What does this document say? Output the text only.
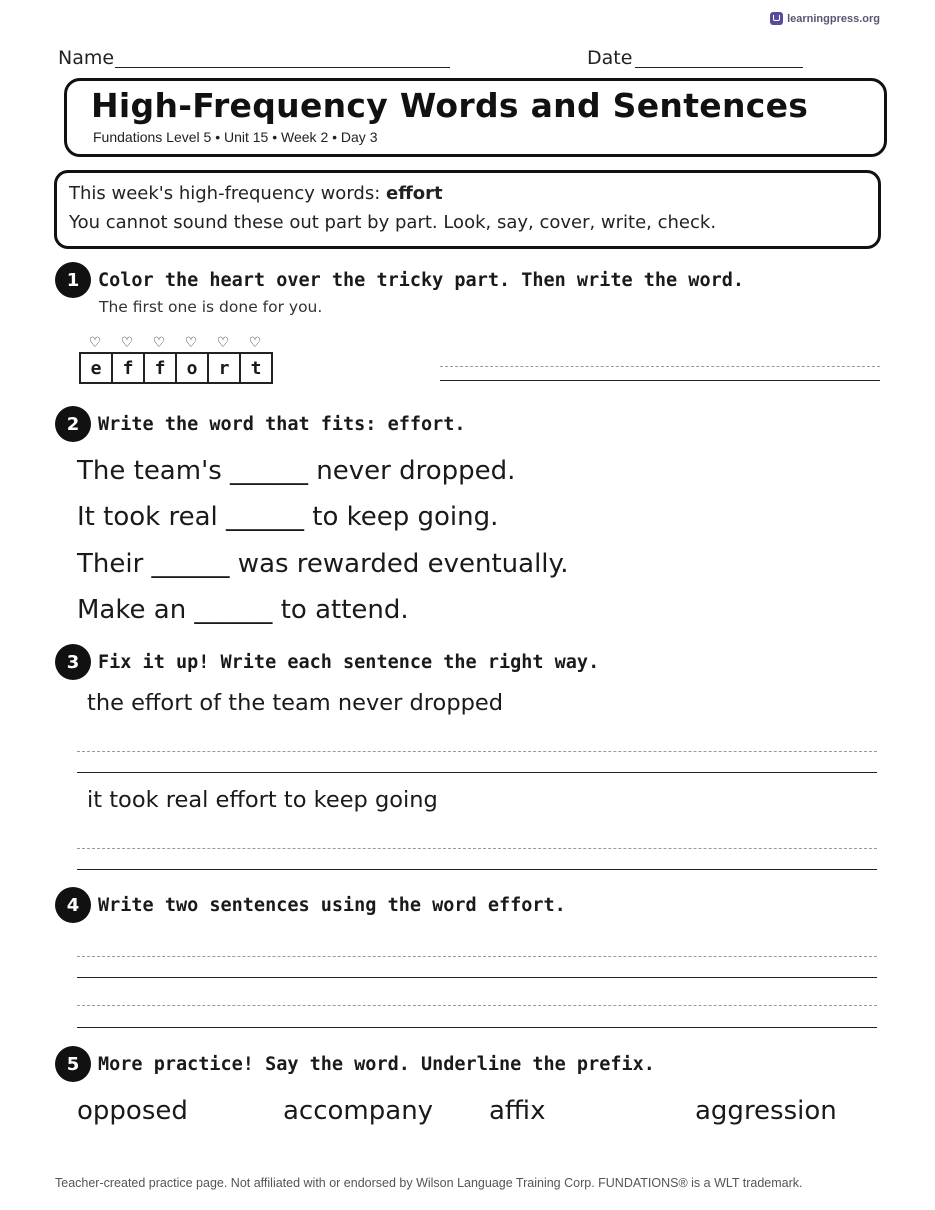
learningpress.org
Name	Date
High-Frequency Words and Sentences
Fundations Level 5 • Unit 15 • Week 2 • Day 3
This week's high-frequency words: effort
You cannot sound these out part by part. Look, say, cover, write, check.
1	Color the heart over the tricky part. Then write the word.
The first one is done for you.
♡	♡	♡	♡	♡	♡
e	f	f	o	r	t
2	Write the word that fits: effort.
The team's ______ never dropped.
It took real ______ to keep going.
Their ______ was rewarded eventually.
Make an ______ to attend.
3	Fix it up! Write each sentence the right way.
the effort of the team never dropped
it took real effort to keep going
4	Write two sentences using the word effort.
5	More practice! Say the word. Underline the prefix.
opposed	accompany affix	aggression
Teacher-created practice page. Not affiliated with or endorsed by Wilson Language Training Corp. FUNDATIONS® is a WLT trademark.
